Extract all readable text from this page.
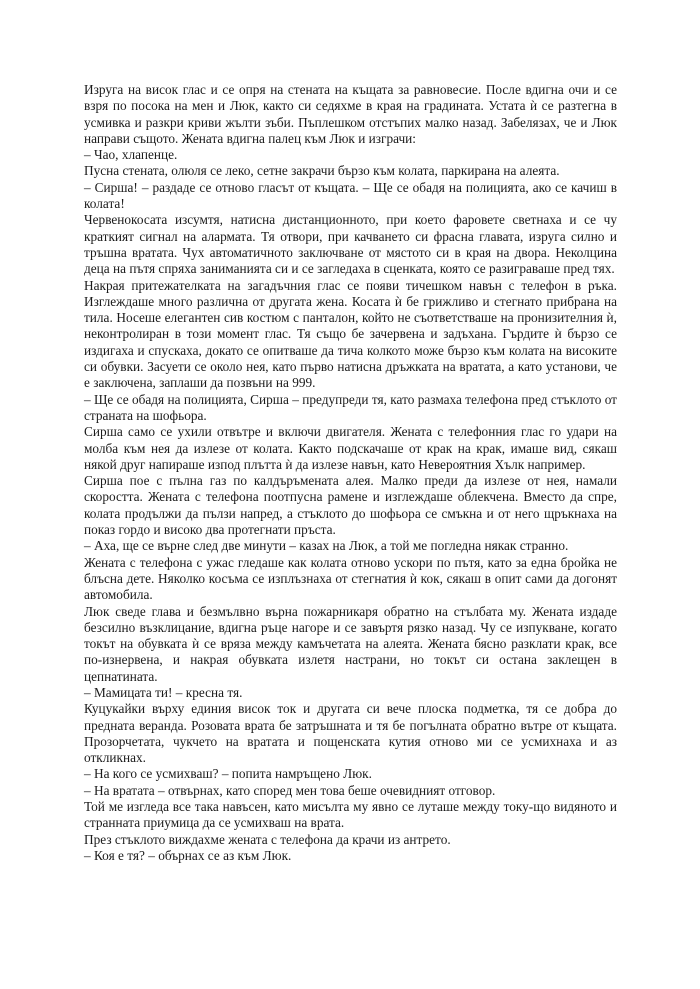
Изруга на висок глас и се опря на стената на къщата за равновесие. После вдигна очи и се взря по посока на мен и Люк, както си седяхме в края на градината. Устата ѝ се разтегна в усмивка и разкри криви жълти зъби. Пъплешком отстъпих малко назад. Забелязах, че и Люк направи същото. Жената вдигна палец към Люк и изграчи:

– Чао, хлапенце.

Пусна стената, олюля се леко, сетне закрачи бързо към колата, паркирана на алеята.

– Сирша! – раздаде се отново гласът от къщата. – Ще се обадя на полицията, ако се качиш в колата!

Червенокосата изсумтя, натисна дистанционното, при което фаровете светнаха и се чу краткият сигнал на алармата. Тя отвори, при качването си фрасна главата, изруга силно и тръшна вратата. Чух автоматичното заключване от мястото си в края на двора. Неколцина деца на пътя спряха заниманията си и се загледаха в сценката, която се разиграваше пред тях.

Накрая притежателката на загадъчния глас се появи тичешком навън с телефон в ръка. Изглеждаше много различна от другата жена. Косата ѝ бе грижливо и стегнато прибрана на тила. Носеше елегантен сив костюм с панталон, който не съответстваше на пронизителния ѝ, неконтролиран в този момент глас. Тя също бе зачервена и задъхана. Гърдите ѝ бързо се издигаха и спускаха, докато се опитваше да тича колкото може бързо към колата на високите си обувки. Засуети се около нея, като първо натисна дръжката на вратата, а като установи, че е заключена, заплаши да позвъни на 999.

– Ще се обадя на полицията, Сирша – предупреди тя, като размаха телефона пред стъклото от страната на шофьора.

Сирша само се ухили отвътре и включи двигателя. Жената с телефонния глас го удари на молба към нея да излезе от колата. Както подскачаше от крак на крак, имаше вид, сякаш някой друг напираше изпод плътта ѝ да излезе навън, като Невероятния Хълк например.

Сирша пое с пълна газ по калдъръмената алея. Малко преди да излезе от нея, намали скоростта. Жената с телефона поотпусна рамене и изглеждаше облекчена. Вместо да спре, колата продължи да пълзи напред, а стъклото до шофьора се смъкна и от него щръкнаха на показ гордо и високо два протегнати пръста.

– Аха, ще се върне след две минути – казах на Люк, а той ме погледна някак странно.

Жената с телефона с ужас гледаше как колата отново ускори по пътя, като за една бройка не блъсна дете. Няколко косъма се изплъзнаха от стегнатия ѝ кок, сякаш в опит сами да догонят автомобила.

Люк сведе глава и безмълвно върна пожарникаря обратно на стълбата му. Жената издаде безсилно възклицание, вдигна ръце нагоре и се завъртя рязко назад. Чу се изпукване, когато токът на обувката ѝ се вряза между камъчетата на алеята. Жената бясно разклати крак, все по-изнервена, и накрая обувката излетя настрани, но токът си остана заклещен в цепнатината.

– Мамицата ти! – кресна тя.

Куцукайки върху единия висок ток и другата си вече плоска подметка, тя се добра до предната веранда. Розовата врата бе затръшната и тя бе погълната обратно вътре от къщата. Прозорчетата, чукчето на вратата и пощенската кутия отново ми се усмихнаха и аз откликнах.

– На кого се усмихваш? – попита намръщено Люк.

– На вратата – отвърнах, като според мен това беше очевидният отговор.

Той ме изгледа все така навъсен, като мисълта му явно се луташе между току-що видяното и странната приумица да се усмихваш на врата.

През стъклото виждахме жената с телефона да крачи из антрето.

– Коя е тя? – обърнах се аз към Люк.
